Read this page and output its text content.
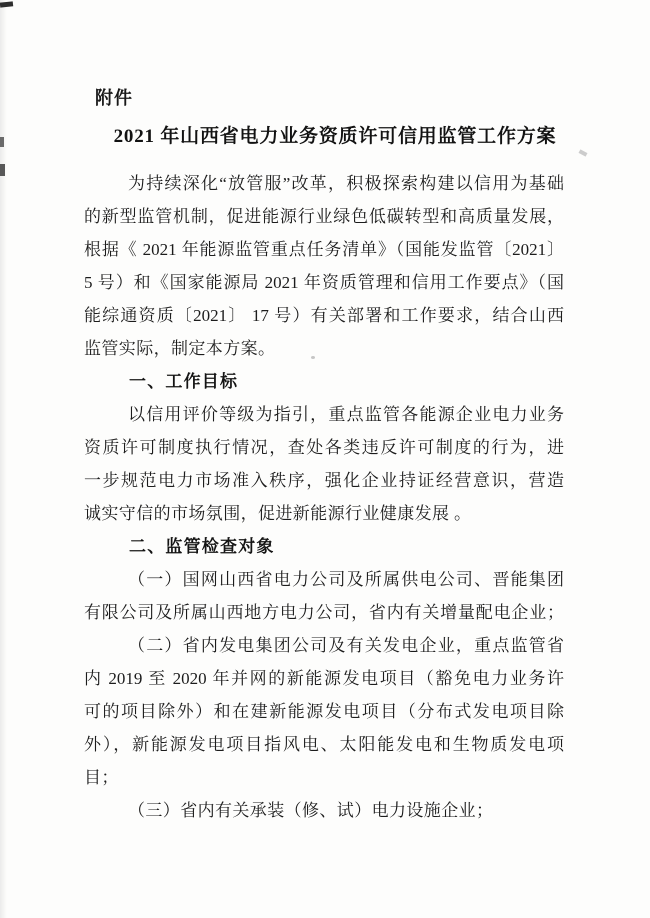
附件
2021 年山西省电力业务资质许可信用监管工作方案
为持续深化“放管服”改革，积极探索构建以信用为基础
的新型监管机制，促进能源行业绿色低碳转型和高质量发展，
根据《 2021 年能源监管重点任务清单》（国能发监管〔2021〕
5 号）和《国家能源局 2021 年资质管理和信用工作要点》（国
能综通资质〔2021〕 17 号）有关部署和工作要求，结合山西
监管实际，制定本方案。
一、工作目标
以信用评价等级为指引，重点监管各能源企业电力业务
资质许可制度执行情况，查处各类违反许可制度的行为，进
一步规范电力市场准入秩序，强化企业持证经营意识，营造
诚实守信的市场氛围，促进新能源行业健康发展 。
二、监管检查对象
（一）国网山西省电力公司及所属供电公司、晋能集团
有限公司及所属山西地方电力公司，省内有关增量配电企业；
（二）省内发电集团公司及有关发电企业，重点监管省
内 2019 至 2020 年并网的新能源发电项目（豁免电力业务许
可的项目除外）和在建新能源发电项目（分布式发电项目除
外），新能源发电项目指风电、太阳能发电和生物质发电项
目；
（三）省内有关承装（修、试）电力设施企业；
